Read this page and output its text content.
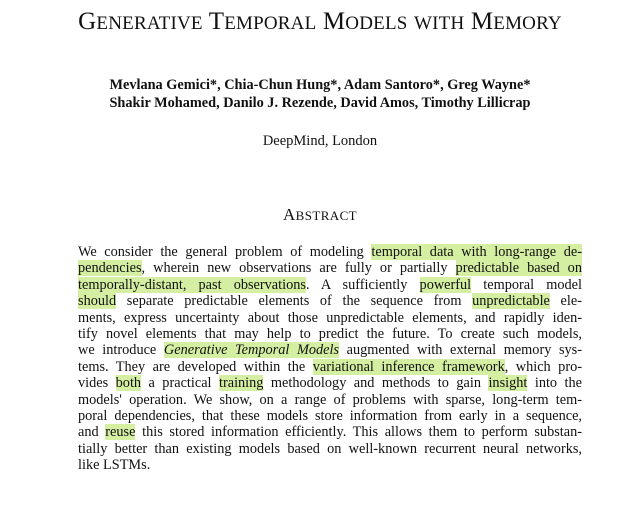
GENERATIVE TEMPORAL MODELS WITH MEMORY
Mevlana Gemici*, Chia-Chun Hung*, Adam Santoro*, Greg Wayne*
Shakir Mohamed, Danilo J. Rezende, David Amos, Timothy Lillicrap
DeepMind, London
ABSTRACT
We consider the general problem of modeling temporal data with long-range de-
pendencies, wherein new observations are fully or partially predictable based on
temporally-distant, past observations. A sufficiently powerful temporal model
should separate predictable elements of the sequence from unpredictable ele-
ments, express uncertainty about those unpredictable elements, and rapidly iden-
tify novel elements that may help to predict the future. To create such models,
we introduce Generative Temporal Models augmented with external memory sys-
tems. They are developed within the variational inference framework, which pro-
vides both a practical training methodology and methods to gain insight into the
models' operation. We show, on a range of problems with sparse, long-term tem-
poral dependencies, that these models store information from early in a sequence,
and reuse this stored information efficiently. This allows them to perform substan-
tially better than existing models based on well-known recurrent neural networks,
like LSTMs.
